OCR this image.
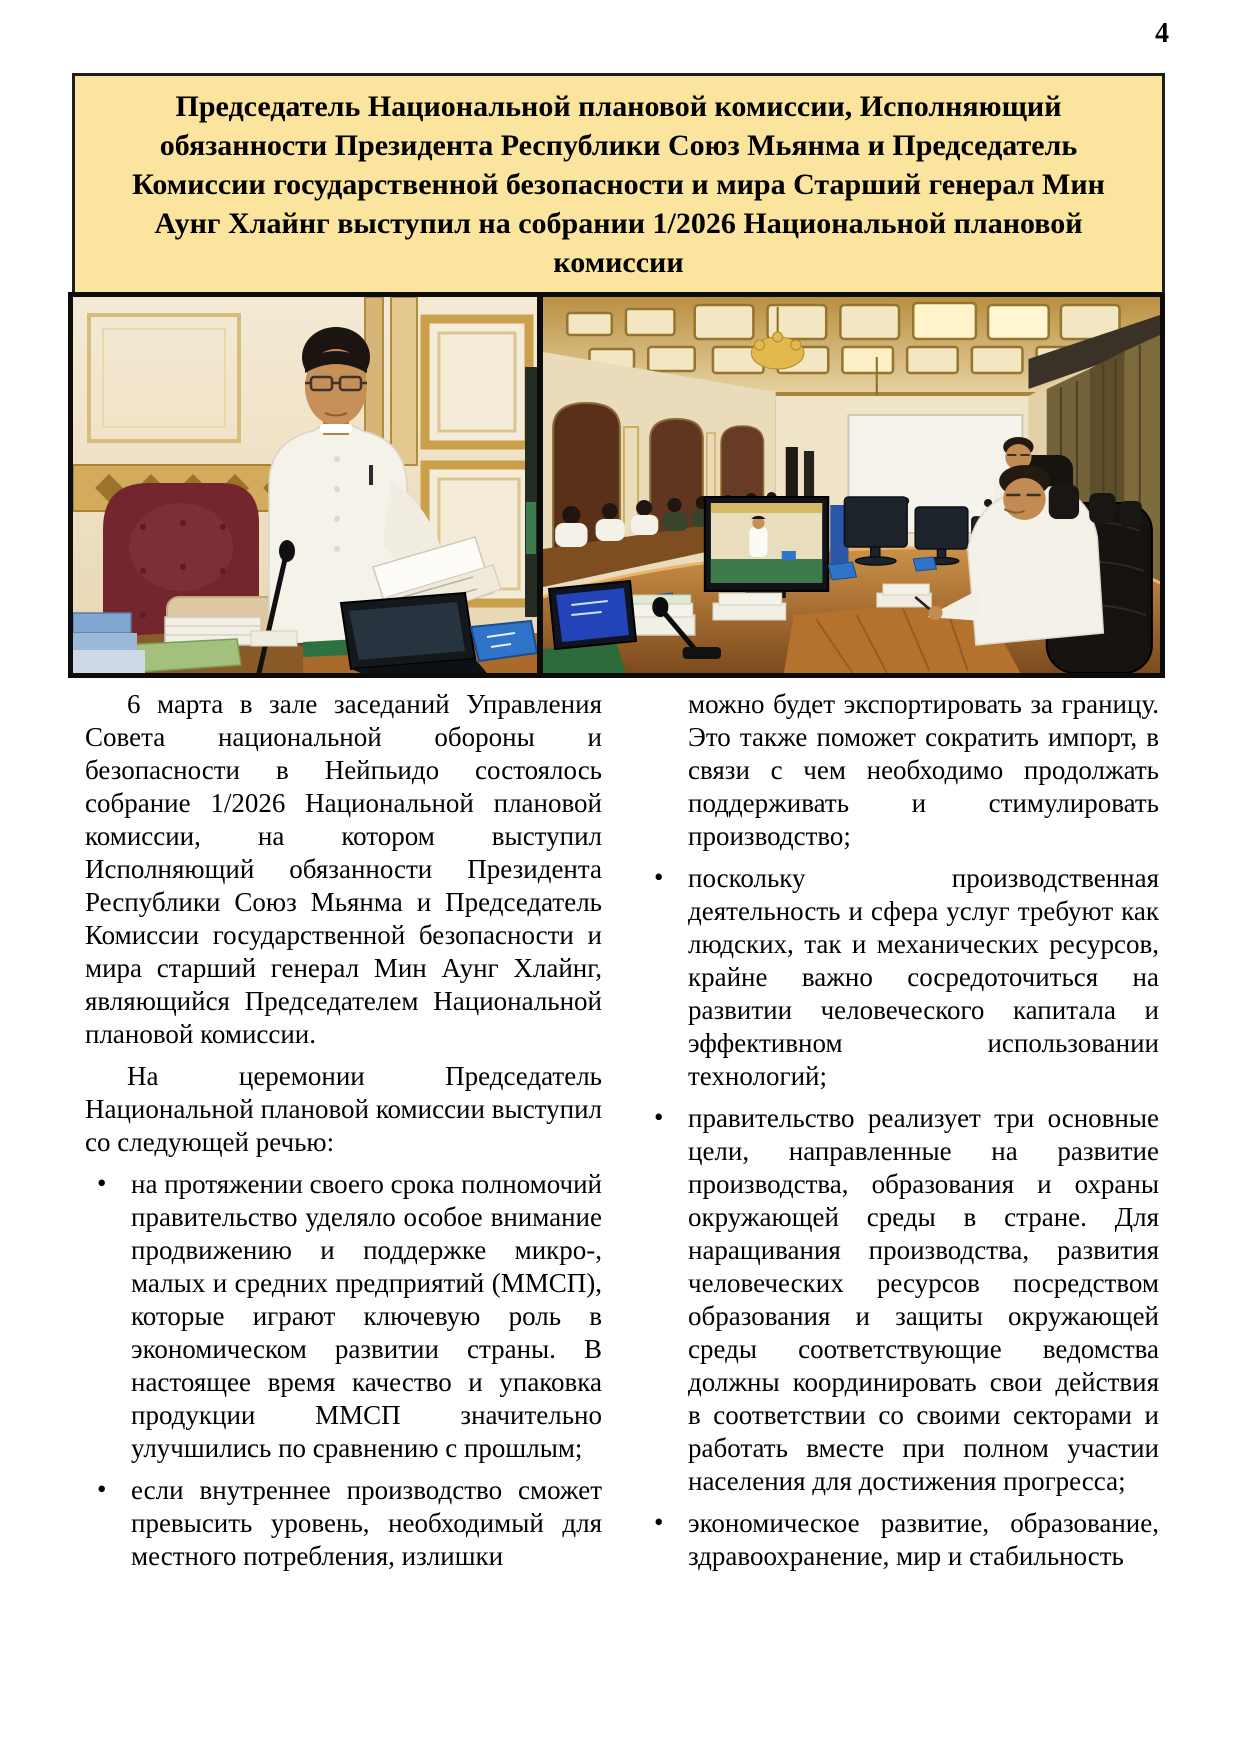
4
Председатель Национальной плановой комиссии, Исполняющий обязанности Президента Республики Союз Мьянма и Председатель Комиссии государственной безопасности и мира Старший генерал Мин Аунг Хлайнг выступил на собрании 1/2026 Национальной плановой комиссии

6 марта в зале заседаний Управления Совета национальной обороны и безопасности в Нейпьидо состоялось собрание 1/2026 Национальной плановой комиссии, на котором выступил Исполняющий обязанности Президента Республики Союз Мьянма и Председатель Комиссии государственной безопасности и мира старший генерал Мин Аунг Хлайнг, являющийся Председателем Национальной плановой комиссии.

На церемонии Председатель Национальной плановой комиссии выступил со следующей речью:

• на протяжении своего срока полномочий правительство уделяло особое внимание продвижению и поддержке микро-, малых и средних предприятий (ММСП), которые играют ключевую роль в экономическом развитии страны. В настоящее время качество и упаковка продукции ММСП значительно улучшились по сравнению с прошлым;

• если внутреннее производство сможет превысить уровень, необходимый для местного потребления, излишки

можно будет экспортировать за границу. Это также поможет сократить импорт, в связи с чем необходимо продолжать поддерживать и стимулировать производство;

• поскольку производственная деятельность и сфера услуг требуют как людских, так и механических ресурсов, крайне важно сосредоточиться на развитии человеческого капитала и эффективном использовании технологий;

• правительство реализует три основные цели, направленные на развитие производства, образования и охраны окружающей среды в стране. Для наращивания производства, развития человеческих ресурсов посредством образования и защиты окружающей среды соответствующие ведомства должны координировать свои действия в соответствии со своими секторами и работать вместе при полном участии населения для достижения прогресса;

• экономическое развитие, образование, здравоохранение, мир и стабильность
